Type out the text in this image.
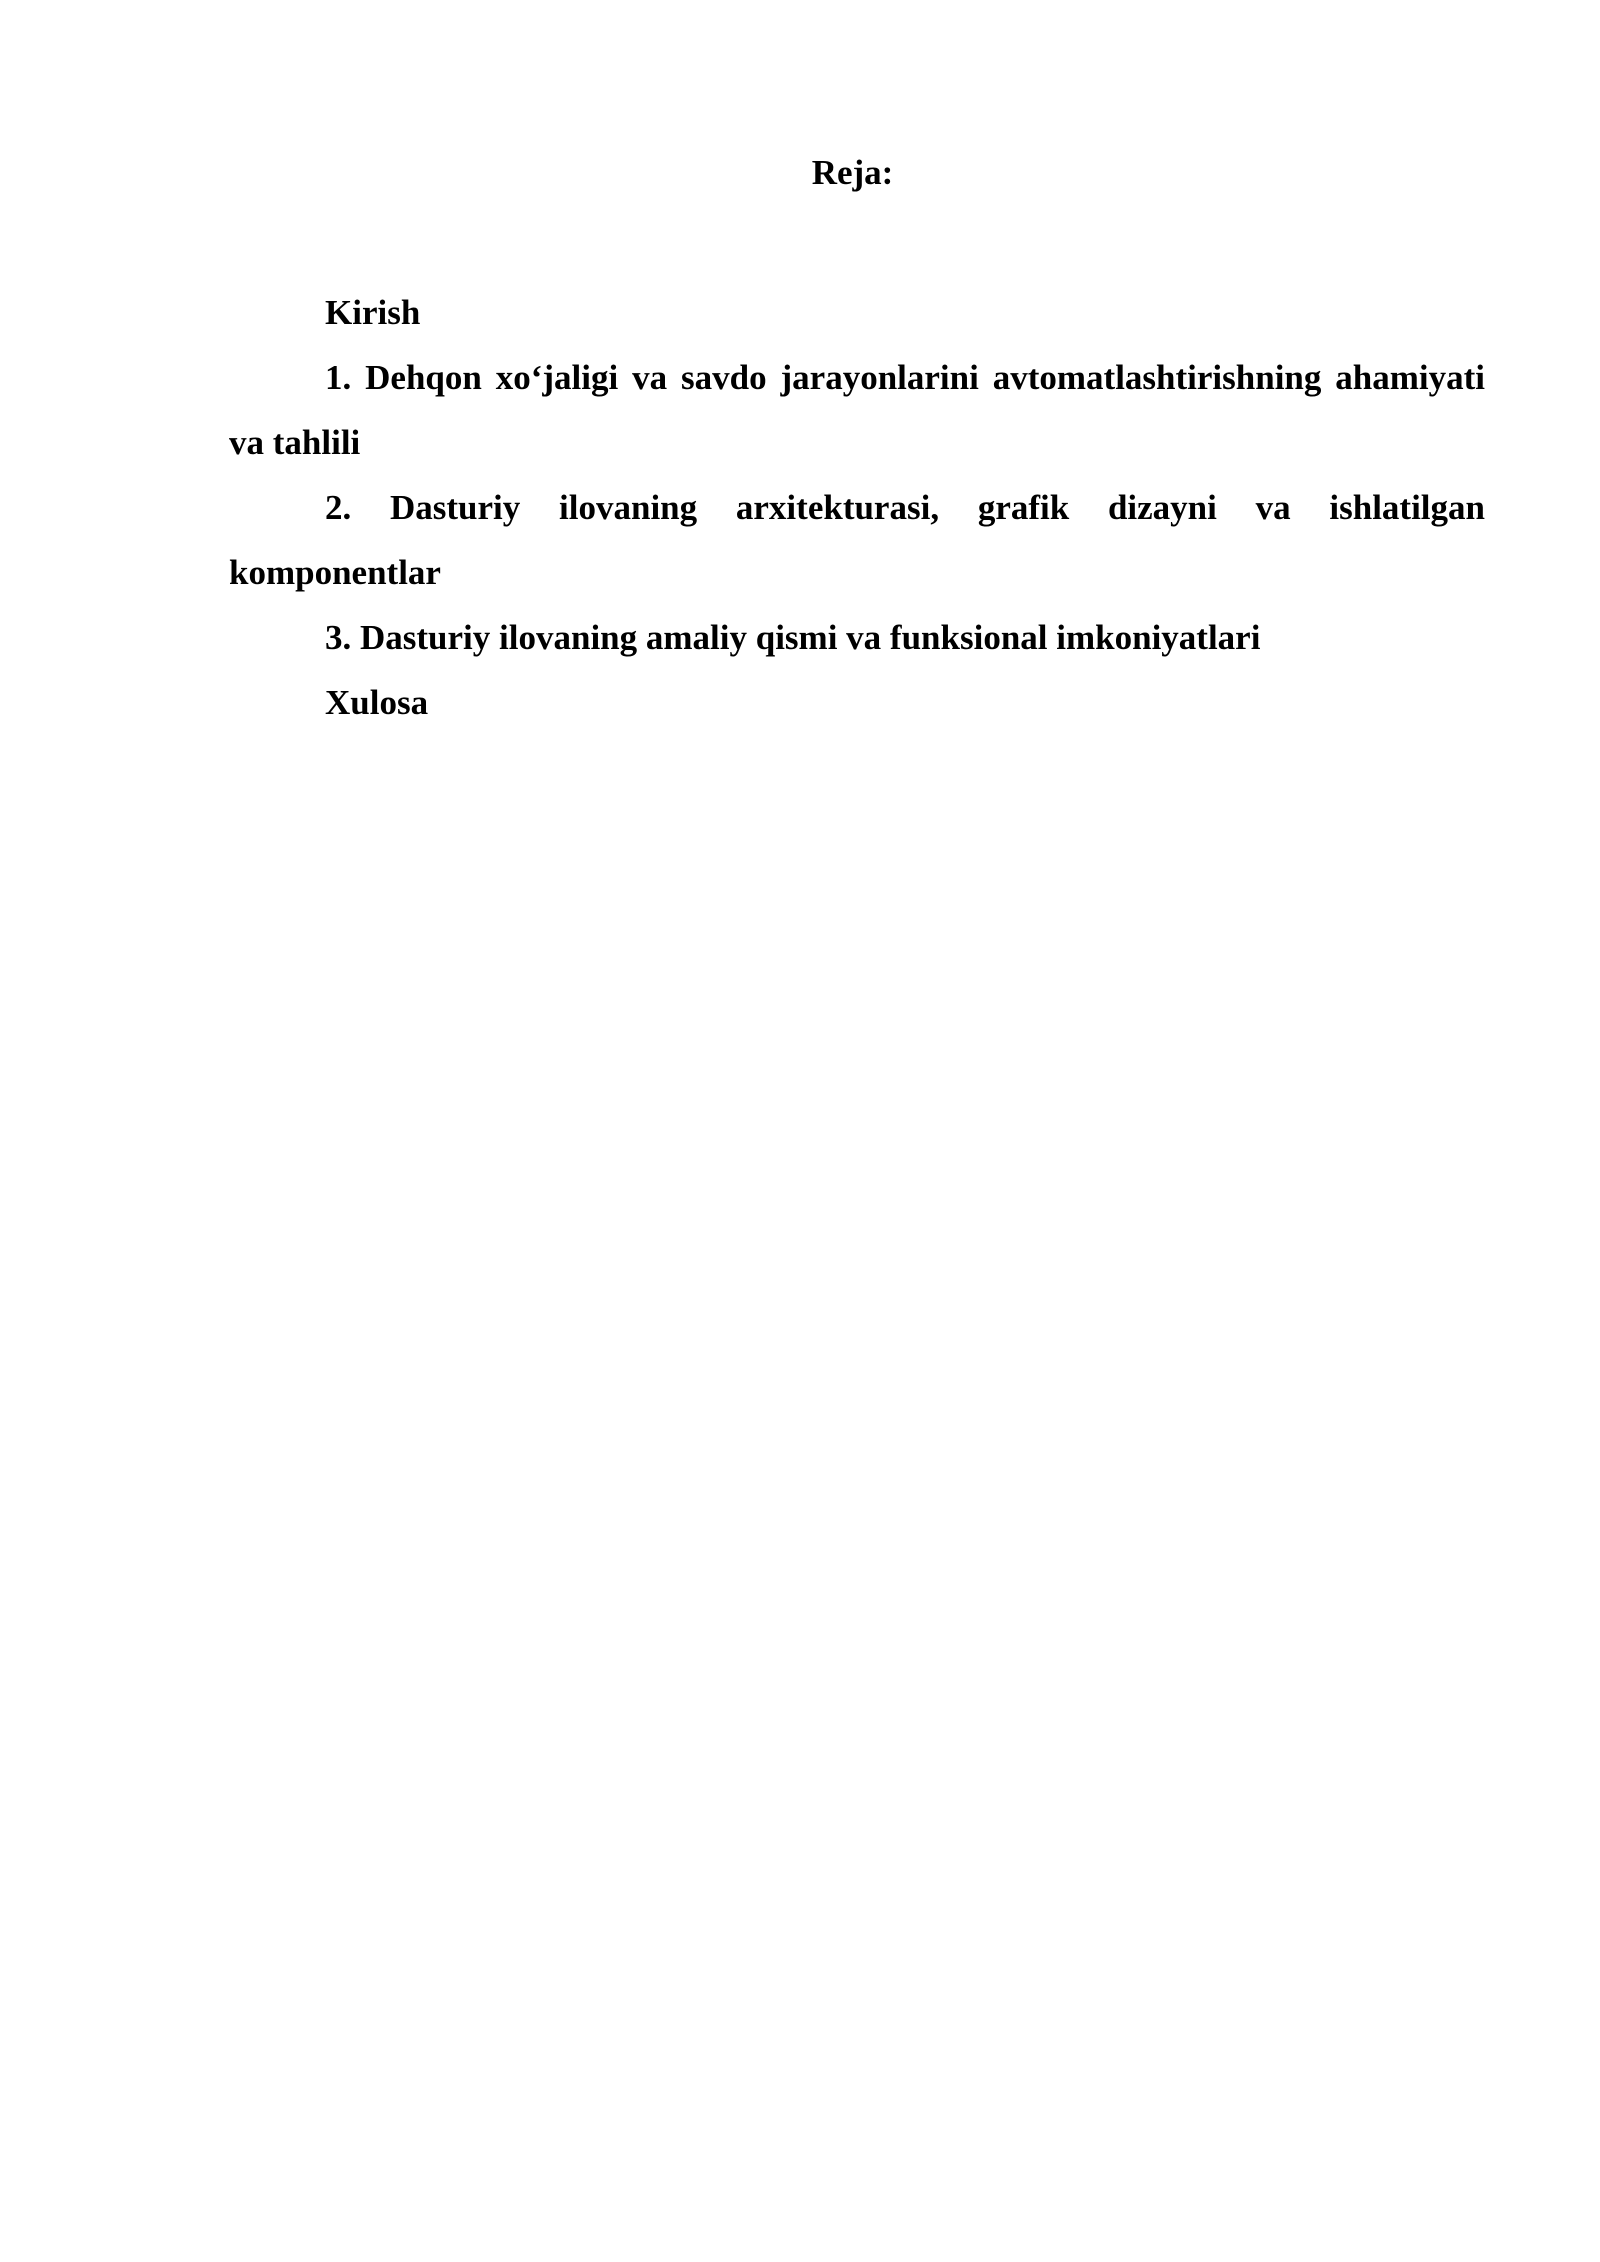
Reja:

Kirish

1. Dehqon xo‘jaligi va savdo jarayonlarini avtomatlashtirishning ahamiyati va tahlili

2. Dasturiy ilovaning arxitekturasi, grafik dizayni va ishlatilgan komponentlar

3. Dasturiy ilovaning amaliy qismi va funksional imkoniyatlari

Xulosa
